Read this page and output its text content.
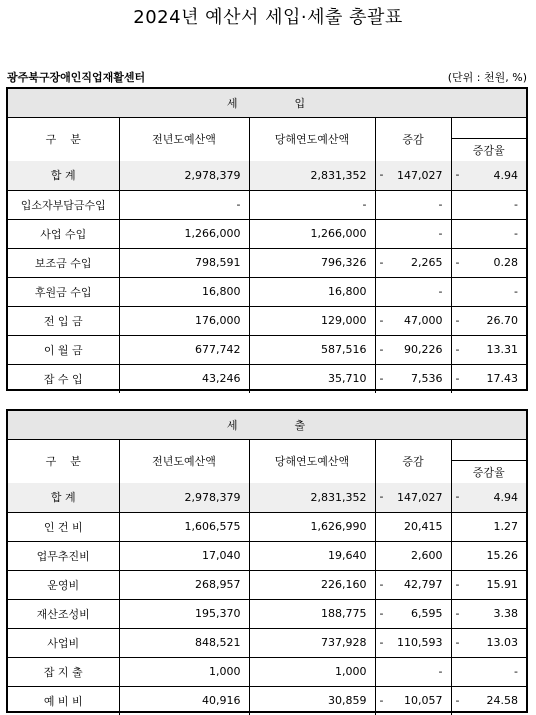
2024년 예산서 세입·세출 총괄표
광주북구장애인직업재활센터	(단위 : 천원, %)
세          입				
구    분	전년도예산액	당해연도예산액	증감	증감율

합 계	2,978,379	2,831,352	- 147,027	- 4.94

입소자부담금수입	-	-	-	-

사업 수입	1,266,000	1,266,000	-	-

보조금 수입	798,591	796,326	- 2,265	- 0.28

후원금 수입	16,800	16,800	-	-

전 입 금	176,000	129,000	- 47,000	- 26.70

이 월 금	677,742	587,516	- 90,226	- 13.31

잡 수 입	43,246	35,710	- 7,536	- 17.43
세          출				
구    분	전년도예산액	당해연도예산액	증감	증감율

합 계	2,978,379	2,831,352	- 147,027	- 4.94

인 건 비	1,606,575	1,626,990	20,415	1.27

업무추진비	17,040	19,640	2,600	15.26

운영비	268,957	226,160	- 42,797	- 15.91

재산조성비	195,370	188,775	- 6,595	- 3.38

사업비	848,521	737,928	- 110,593	- 13.03

잡 지 출	1,000	1,000	-	-

예 비 비	40,916	30,859	- 10,057	- 24.58
